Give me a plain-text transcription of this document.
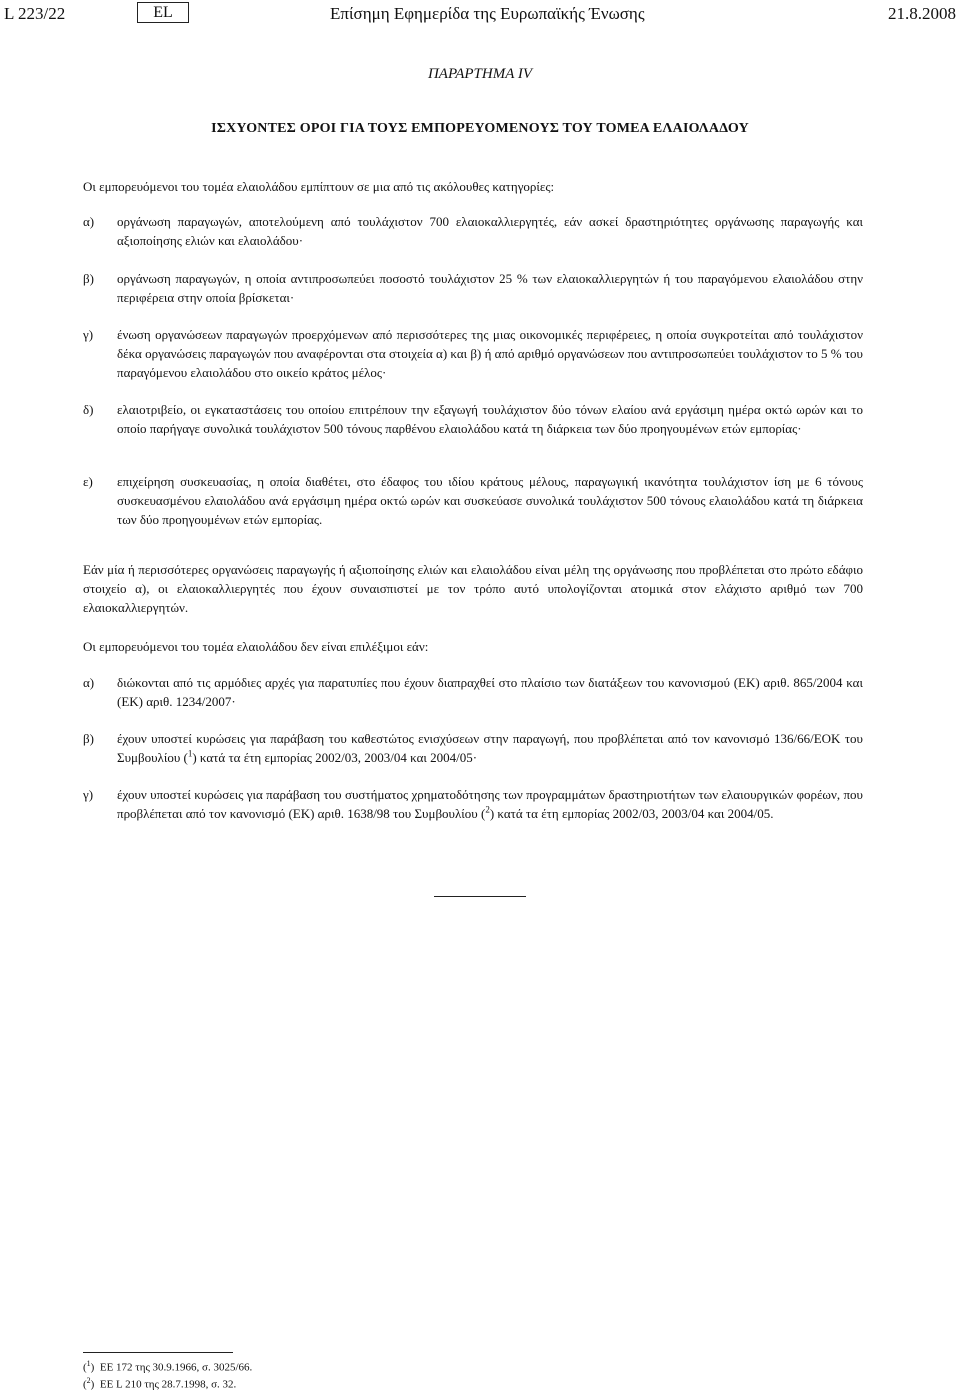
L 223/22	EL	Επίσημη Εφημερίδα της Ευρωπαϊκής Ένωσης	21.8.2008
ΠΑΡΑΡΤΗΜΑ IV
ΙΣΧΥΟΝΤΕΣ ΟΡΟΙ ΓΙΑ ΤΟΥΣ ΕΜΠΟΡΕΥΟΜΕΝΟΥΣ ΤΟΥ ΤΟΜΕΑ ΕΛΑΙΟΛΑΔΟΥ
Οι εμπορευόμενοι του τομέα ελαιολάδου εμπίπτουν σε μια από τις ακόλουθες κατηγορίες:
α) οργάνωση παραγωγών, αποτελούμενη από τουλάχιστον 700 ελαιοκαλλιεργητές, εάν ασκεί δραστηριότητες οργάνωσης παραγωγής και αξιοποίησης ελιών και ελαιολάδου·
β) οργάνωση παραγωγών, η οποία αντιπροσωπεύει ποσοστό τουλάχιστον 25 % των ελαιοκαλλιεργητών ή του παραγόμενου ελαιολάδου στην περιφέρεια στην οποία βρίσκεται·
γ) ένωση οργανώσεων παραγωγών προερχόμενων από περισσότερες της μιας οικονομικές περιφέρειες, η οποία συγκροτείται από τουλάχιστον δέκα οργανώσεις παραγωγών που αναφέρονται στα στοιχεία α) και β) ή από αριθμό οργανώσεων που αντιπροσωπεύει τουλάχιστον το 5 % του παραγόμενου ελαιολάδου στο οικείο κράτος μέλος·
δ) ελαιοτριβείο, οι εγκαταστάσεις του οποίου επιτρέπουν την εξαγωγή τουλάχιστον δύο τόνων ελαίου ανά εργάσιμη ημέρα οκτώ ωρών και το οποίο παρήγαγε συνολικά τουλάχιστον 500 τόνους παρθένου ελαιολάδου κατά τη διάρκεια των δύο προηγουμένων ετών εμπορίας·
ε) επιχείρηση συσκευασίας, η οποία διαθέτει, στο έδαφος του ιδίου κράτους μέλους, παραγωγική ικανότητα τουλάχιστον ίση με 6 τόνους συσκευασμένου ελαιολάδου ανά εργάσιμη ημέρα οκτώ ωρών και συσκεύασε συνολικά τουλάχιστον 500 τόνους ελαιολάδου κατά τη διάρκεια των δύο προηγουμένων ετών εμπορίας.
Εάν μία ή περισσότερες οργανώσεις παραγωγής ή αξιοποίησης ελιών και ελαιολάδου είναι μέλη της οργάνωσης που προβλέπεται στο πρώτο εδάφιο στοιχείο α), οι ελαιοκαλλιεργητές που έχουν συναισπιστεί με τον τρόπο αυτό υπολογίζονται ατομικά στον ελάχιστο αριθμό των 700 ελαιοκαλλιεργητών.
Οι εμπορευόμενοι του τομέα ελαιολάδου δεν είναι επιλέξιμοι εάν:
α) διώκονται από τις αρμόδιες αρχές για παρατυπίες που έχουν διαπραχθεί στο πλαίσιο των διατάξεων του κανονισμού (ΕΚ) αριθ. 865/2004 και (ΕΚ) αριθ. 1234/2007·
β) έχουν υποστεί κυρώσεις για παράβαση του καθεστώτος ενισχύσεων στην παραγωγή, που προβλέπεται από τον κανονισμό 136/66/ΕΟΚ του Συμβουλίου ($^1$) κατά τα έτη εμπορίας 2002/03, 2003/04 και 2004/05·
γ) έχουν υποστεί κυρώσεις για παράβαση του συστήματος χρηματοδότησης των προγραμμάτων δραστηριοτήτων των ελαιουργικών φορέων, που προβλέπεται από τον κανονισμό (ΕΚ) αριθ. 1638/98 του Συμβουλίου ($^2$) κατά τα έτη εμπορίας 2002/03, 2003/04 και 2004/05.
($^1$)  ΕΕ 172 της 30.9.1966, σ. 3025/66.
($^2$)  ΕΕ L 210 της 28.7.1998, σ. 32.
